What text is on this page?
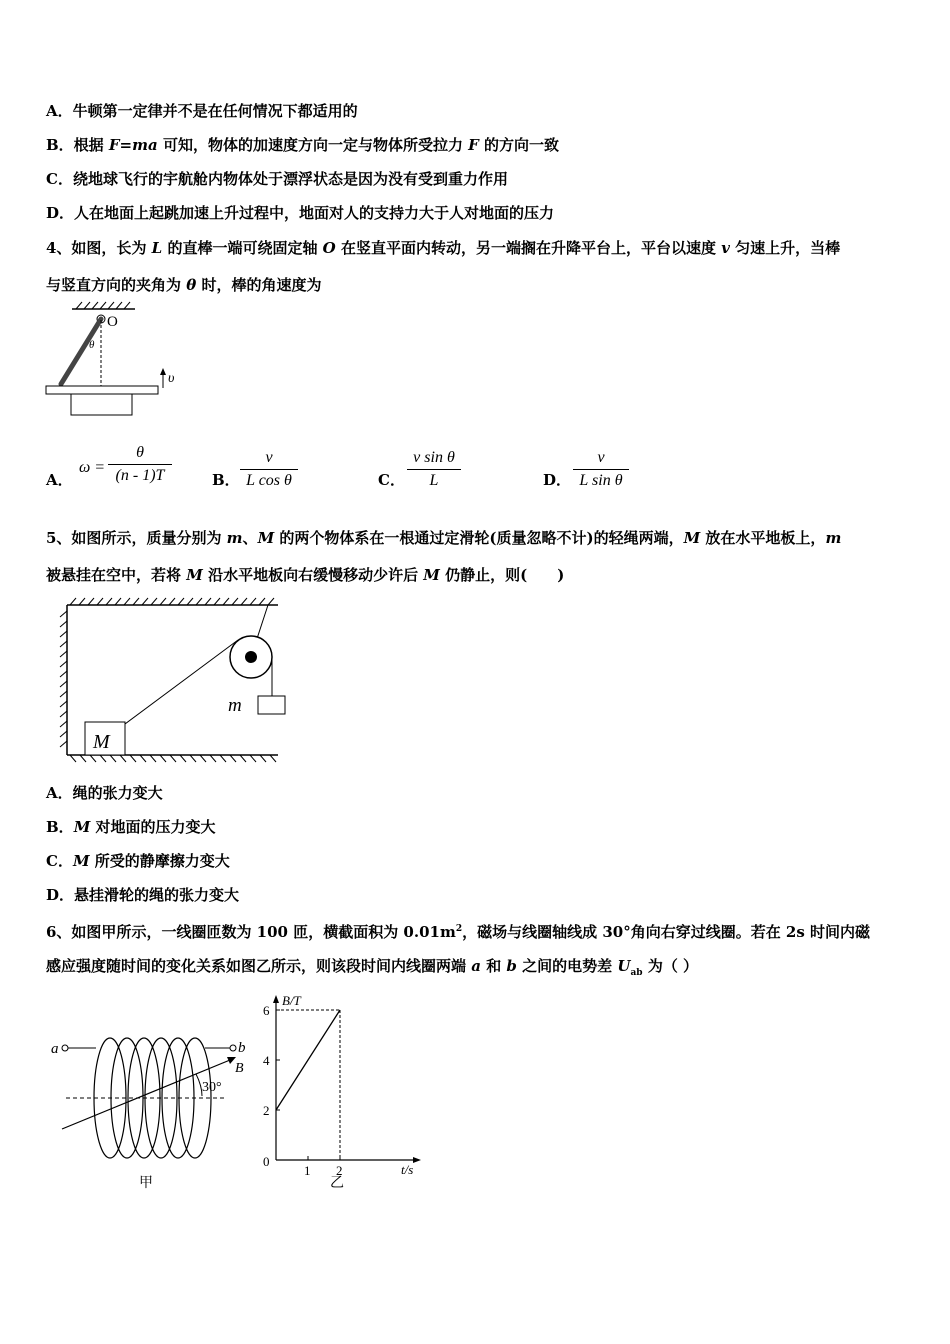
A．牛顿第一定律并不是在任何情况下都适用的
B．根据 F=ma 可知，物体的加速度方向一定与物体所受拉力 F 的方向一致
C．绕地球飞行的宇航舱内物体处于漂浮状态是因为没有受到重力作用
D．人在地面上起跳加速上升过程中，地面对人的支持力大于人对地面的压力
4、如图，长为 L 的直棒一端可绕固定轴 O 在竖直平面内转动，另一端搁在升降平台上，平台以速度 v 匀速上升，当棒
与竖直方向的夹角为 θ 时，棒的角速度为
O
θ
υ
A．
ω =
θ
(n - 1)T	B．
v
L cos θ	C．
v sin θ
L	D．
v
L sin θ
5、如图所示，质量分别为 m、M 的两个物体系在一根通过定滑轮(质量忽略不计)的轻绳两端，M 放在水平地板上，m
被悬挂在空中，若将 M 沿水平地板向右缓慢移动少许后 M 仍静止，则(　　)
m
M
A．绳的张力变大
B．M 对地面的压力变大
C．M 所受的静摩擦力变大
D．悬挂滑轮的绳的张力变大
6、如图甲所示，一线圈匝数为 100 匝，横截面积为 $0.01m^2$，磁场与线圈轴线成 30°角向右穿过线圈。若在 2s 时间内磁
感应强度随时间的变化关系如图乙所示，则该段时间内线圈两端 a 和 b 之间的电势差 $U_{ab}$ 为（ ）
a	b
B
30°
甲
B/T
t/s
0
2
4
6
1 2
乙
